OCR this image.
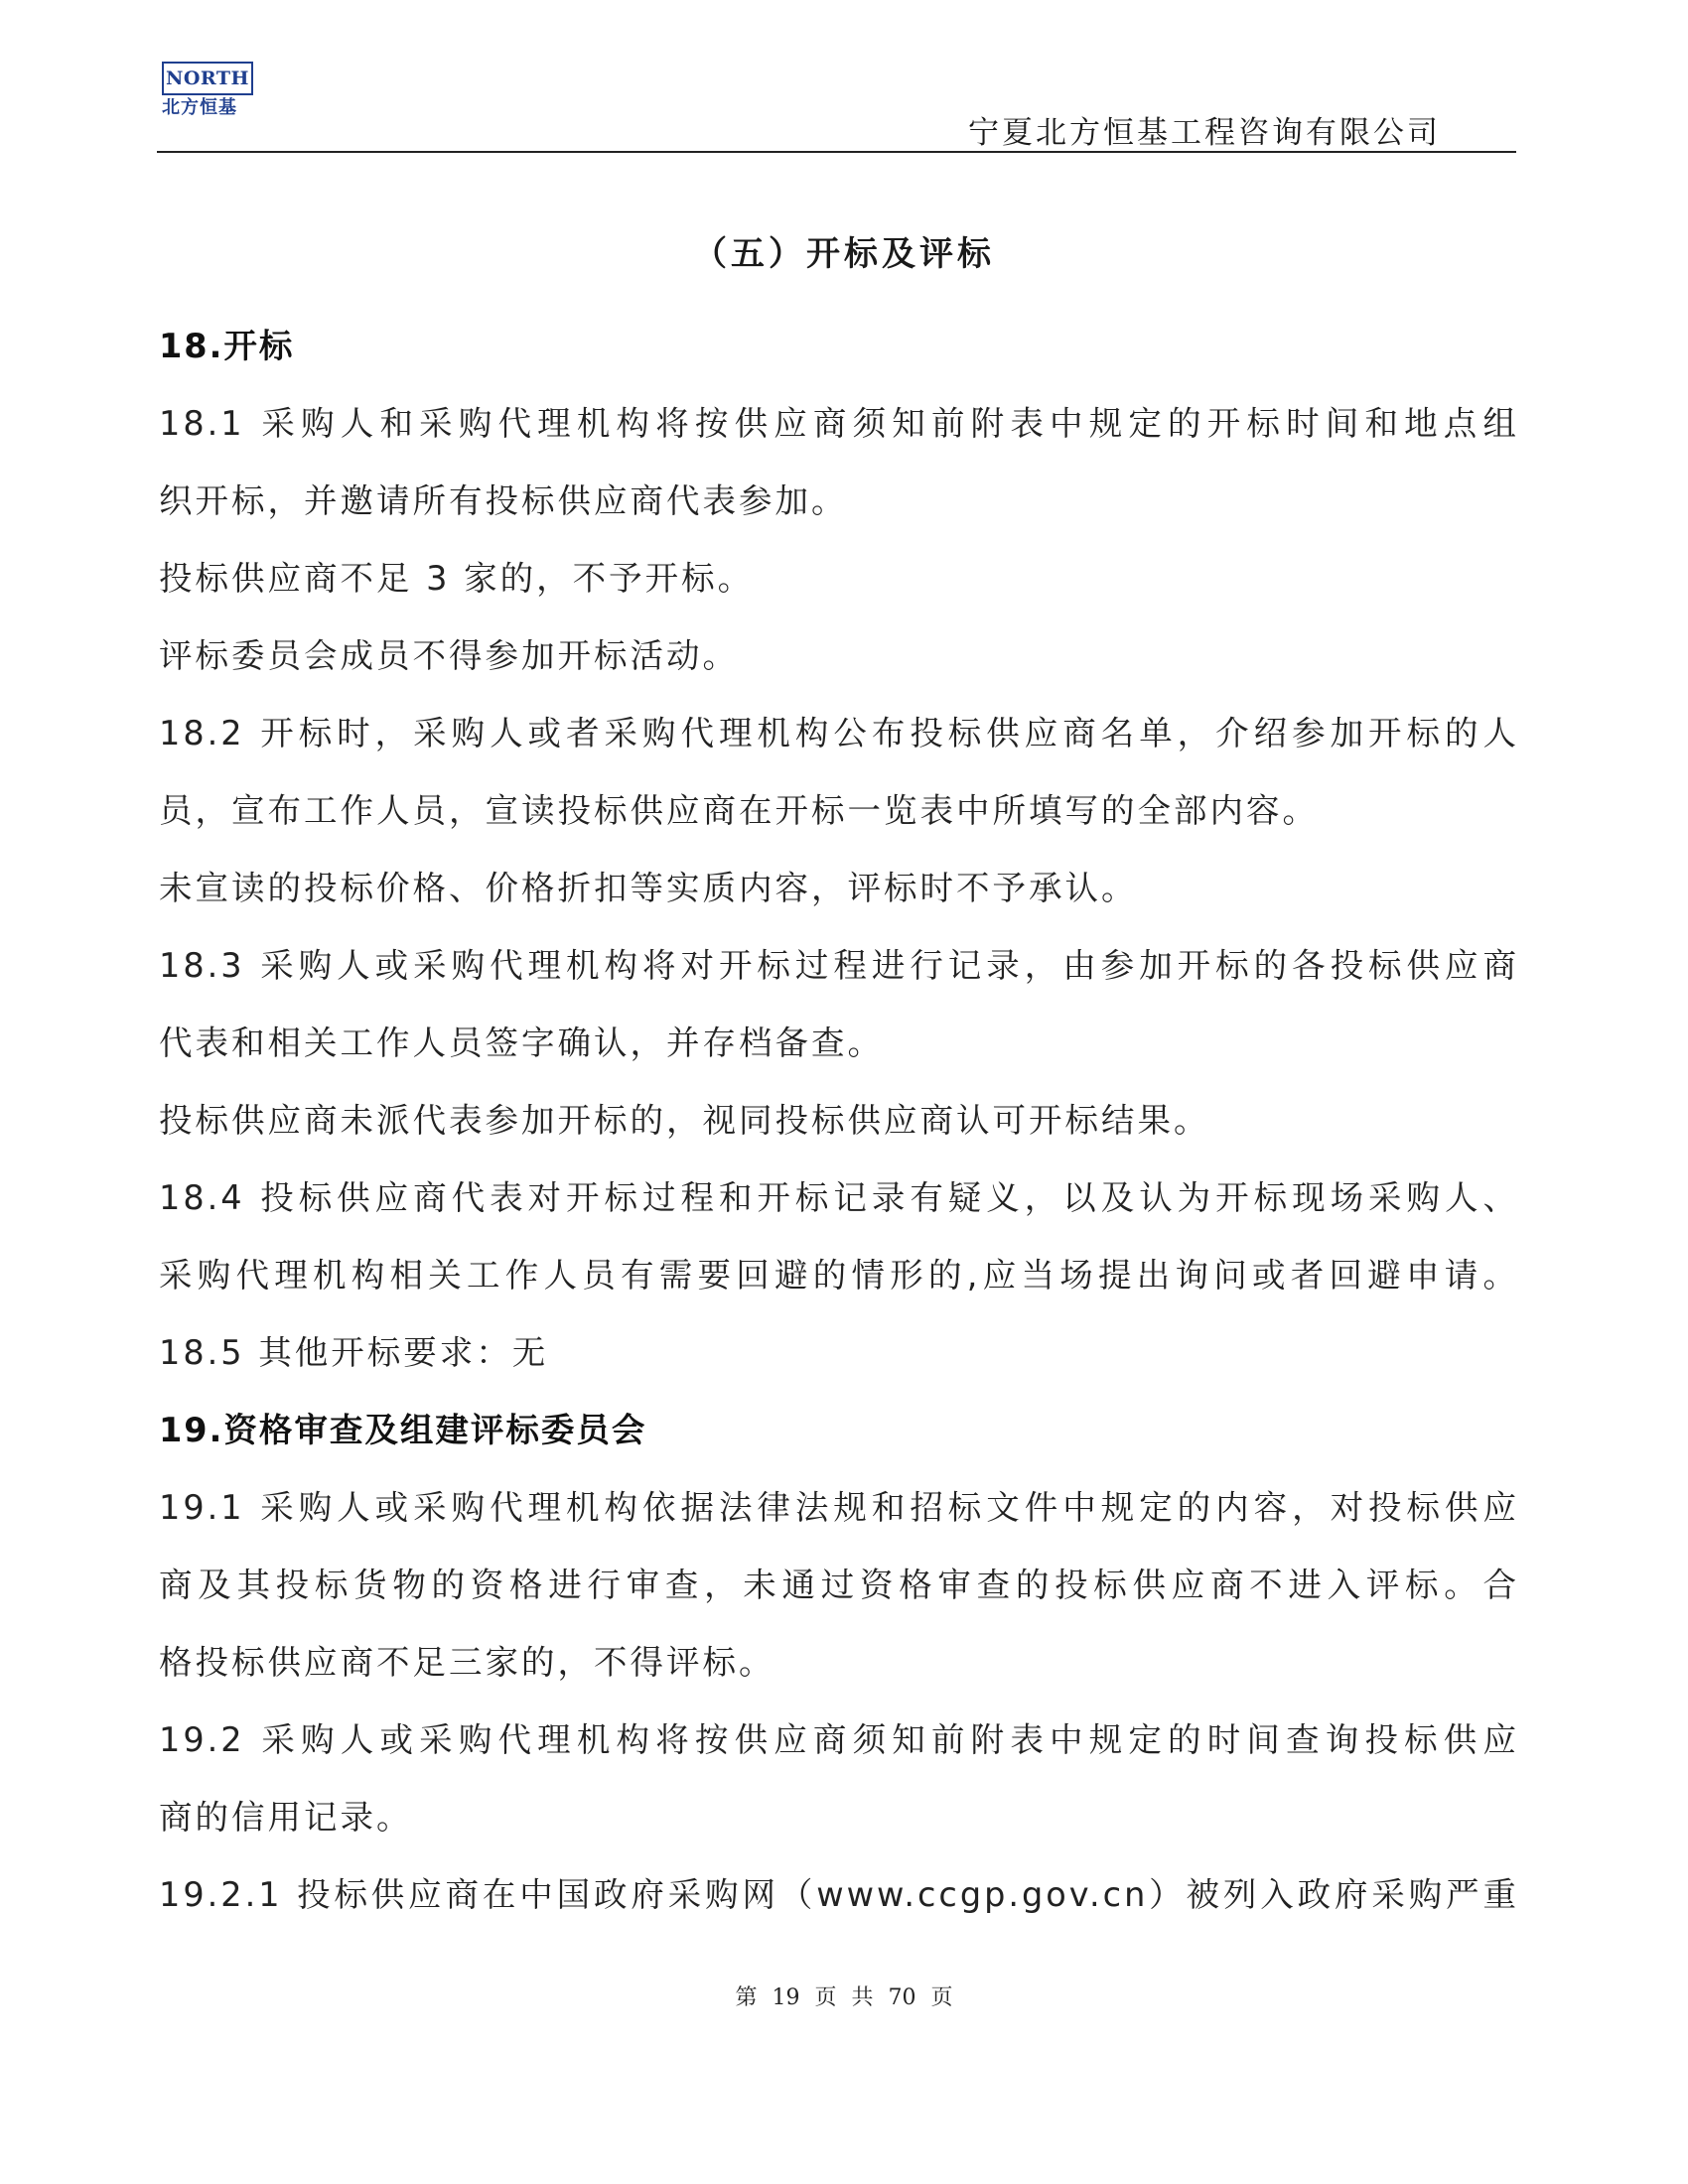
NORTH
北方恒基
宁夏北方恒基工程咨询有限公司
（五）开标及评标
18.开标
18.1 采购人和采购代理机构将按供应商须知前附表中规定的开标时间和地点组
织开标，并邀请所有投标供应商代表参加。
投标供应商不足 3 家的，不予开标。
评标委员会成员不得参加开标活动。
18.2 开标时，采购人或者采购代理机构公布投标供应商名单，介绍参加开标的人
员，宣布工作人员，宣读投标供应商在开标一览表中所填写的全部内容。
未宣读的投标价格、价格折扣等实质内容，评标时不予承认。
18.3 采购人或采购代理机构将对开标过程进行记录，由参加开标的各投标供应商
代表和相关工作人员签字确认，并存档备查。
投标供应商未派代表参加开标的，视同投标供应商认可开标结果。
18.4 投标供应商代表对开标过程和开标记录有疑义，以及认为开标现场采购人、
采购代理机构相关工作人员有需要回避的情形的,应当场提出询问或者回避申请。
18.5 其他开标要求：无
19.资格审查及组建评标委员会
19.1 采购人或采购代理机构依据法律法规和招标文件中规定的内容，对投标供应
商及其投标货物的资格进行审查，未通过资格审查的投标供应商不进入评标。合
格投标供应商不足三家的，不得评标。
19.2 采购人或采购代理机构将按供应商须知前附表中规定的时间查询投标供应
商的信用记录。
19.2.1 投标供应商在中国政府采购网（www.ccgp.gov.cn）被列入政府采购严重
第 19 页 共 70 页
